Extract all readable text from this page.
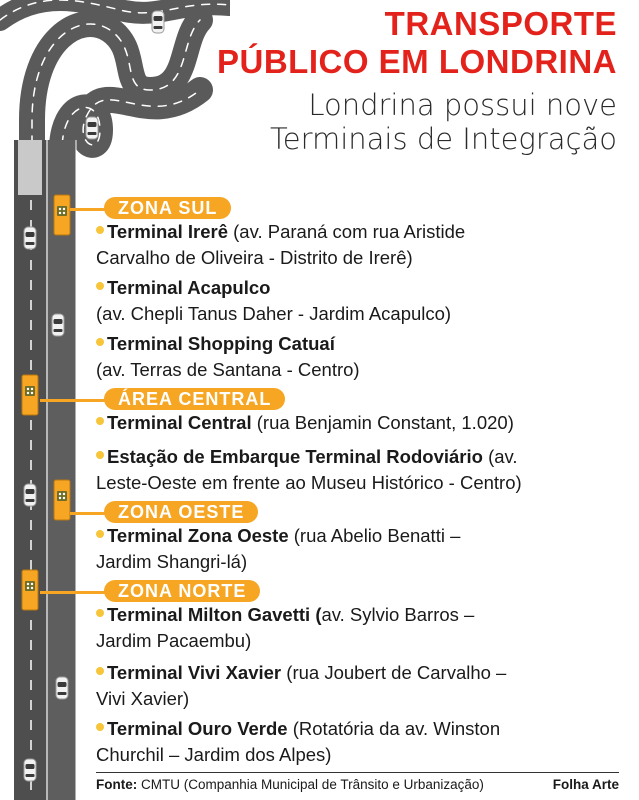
TRANSPORTE
PÚBLICO EM LONDRINA
Londrina possui nove
Terminais de Integração
ZONA SUL
Terminal Irerê (av. Paraná com rua Aristide
Carvalho de Oliveira - Distrito de Irerê)
Terminal Acapulco
(av. Chepli Tanus Daher - Jardim Acapulco)
Terminal Shopping Catuaí
(av. Terras de Santana - Centro)
ÁREA CENTRAL
Terminal Central (rua Benjamin Constant, 1.020)
Estação de Embarque Terminal Rodoviário (av.
Leste-Oeste em frente ao Museu Histórico - Centro)
ZONA OESTE
Terminal Zona Oeste (rua Abelio Benatti –
Jardim Shangri-lá)
ZONA NORTE
Terminal Milton Gavetti (av. Sylvio Barros –
Jardim Pacaembu)
Terminal Vivi Xavier (rua Joubert de Carvalho –
Vivi Xavier)
Terminal Ouro Verde (Rotatória da av. Winston
Churchil – Jardim dos Alpes)
Fonte: CMTU (Companhia Municipal de Trânsito e Urbanização)	Folha Arte
